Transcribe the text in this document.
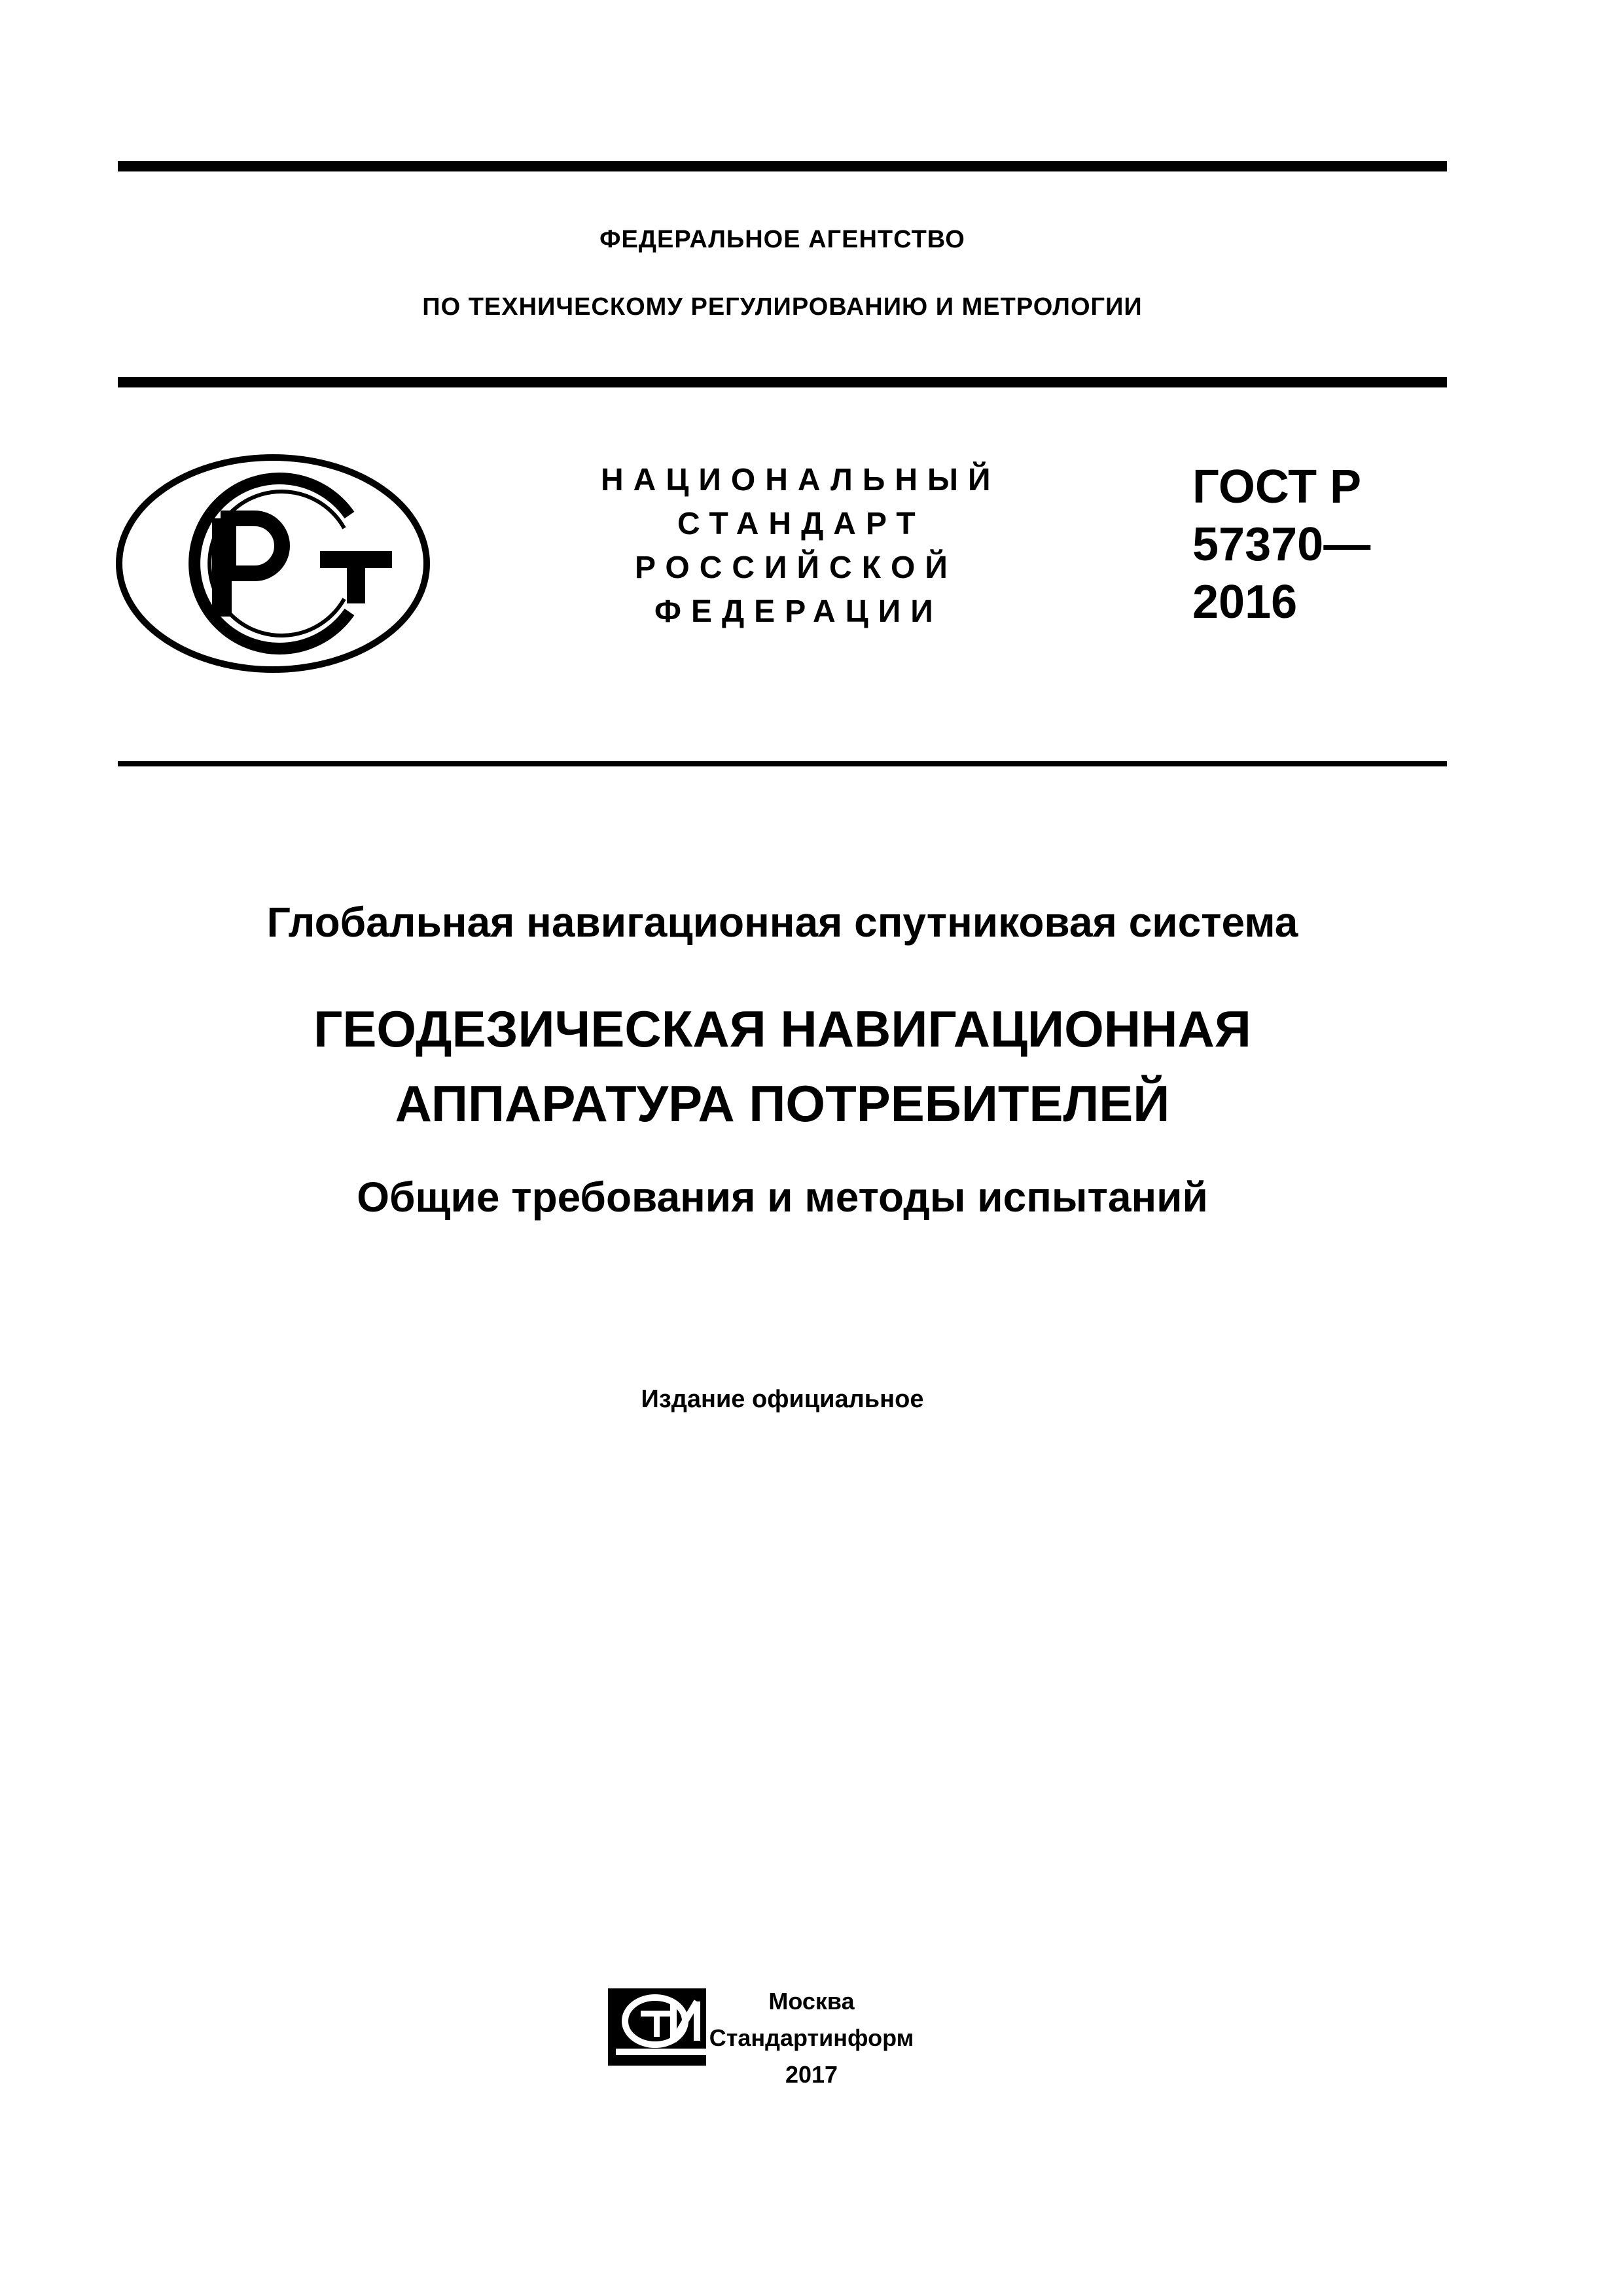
ФЕДЕРАЛЬНОЕ АГЕНТСТВО
ПО ТЕХНИЧЕСКОМУ РЕГУЛИРОВАНИЮ И МЕТРОЛОГИИ
НАЦИОНАЛЬНЫЙ
СТАНДАРТ
РОССИЙСКОЙ
ФЕДЕРАЦИИ
ГОСТ Р
57370—
2016
Глобальная навигационная спутниковая система
ГЕОДЕЗИЧЕСКАЯ НАВИГАЦИОННАЯ
АППАРАТУРА ПОТРЕБИТЕЛЕЙ
Общие требования и методы испытаний
Издание официальное
Москва
Стандартинформ
2017
